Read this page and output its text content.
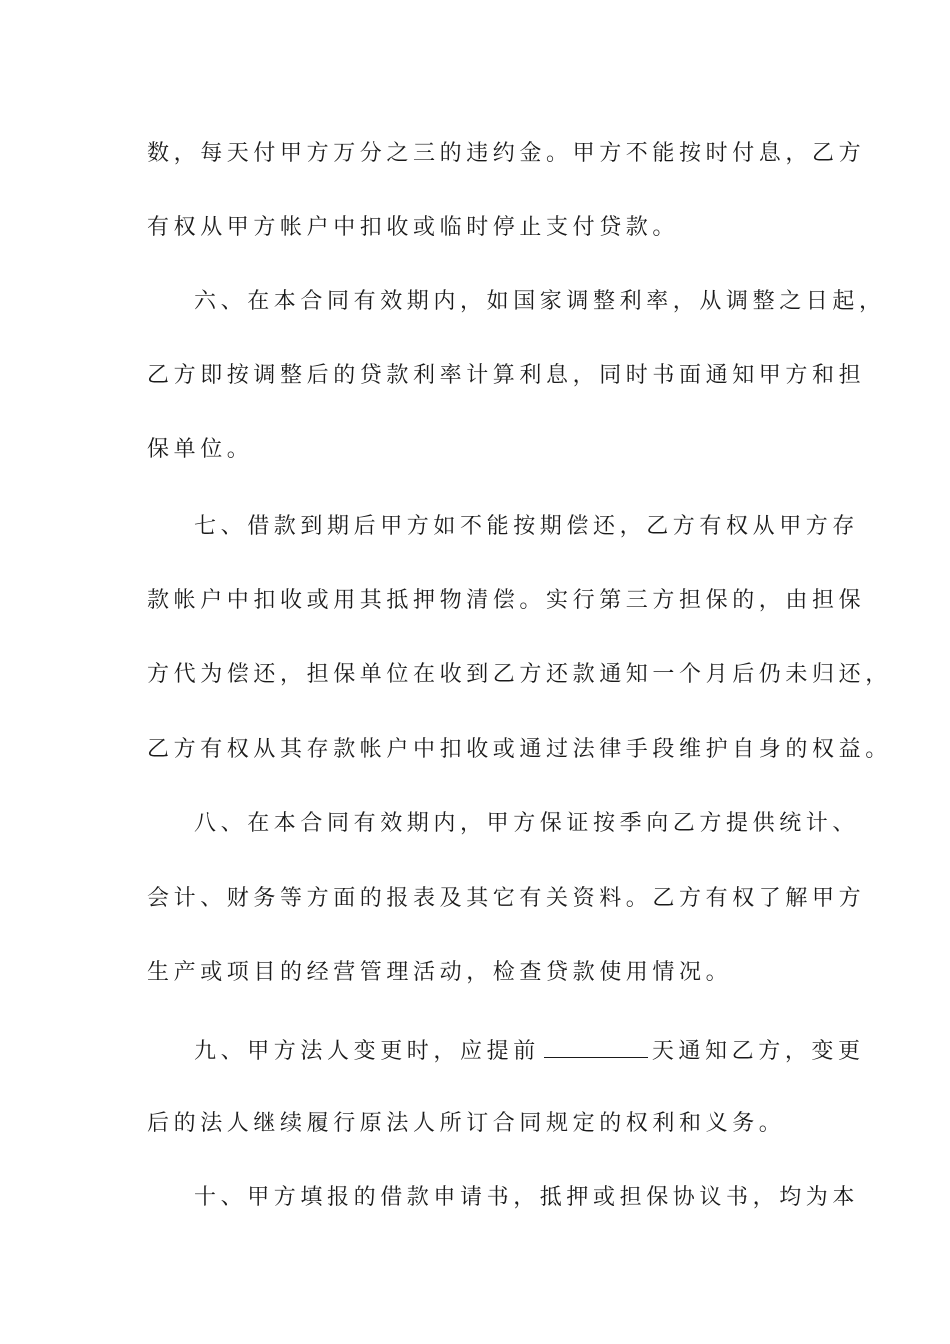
数，每天付甲方万分之三的违约金。甲方不能按时付息，乙方
有权从甲方帐户中扣收或临时停止支付贷款。
六、在本合同有效期内，如国家调整利率，从调整之日起，
乙方即按调整后的贷款利率计算利息，同时书面通知甲方和担
保单位。
七、借款到期后甲方如不能按期偿还，乙方有权从甲方存
款帐户中扣收或用其抵押物清偿。实行第三方担保的，由担保
方代为偿还，担保单位在收到乙方还款通知一个月后仍未归还，
乙方有权从其存款帐户中扣收或通过法律手段维护自身的权益。
八、在本合同有效期内，甲方保证按季向乙方提供统计、
会计、财务等方面的报表及其它有关资料。乙方有权了解甲方
生产或项目的经营管理活动，检查贷款使用情况。
九、甲方法人变更时，应提前	天通知乙方，变更
后的法人继续履行原法人所订合同规定的权利和义务。
十、甲方填报的借款申请书，抵押或担保协议书，均为本
